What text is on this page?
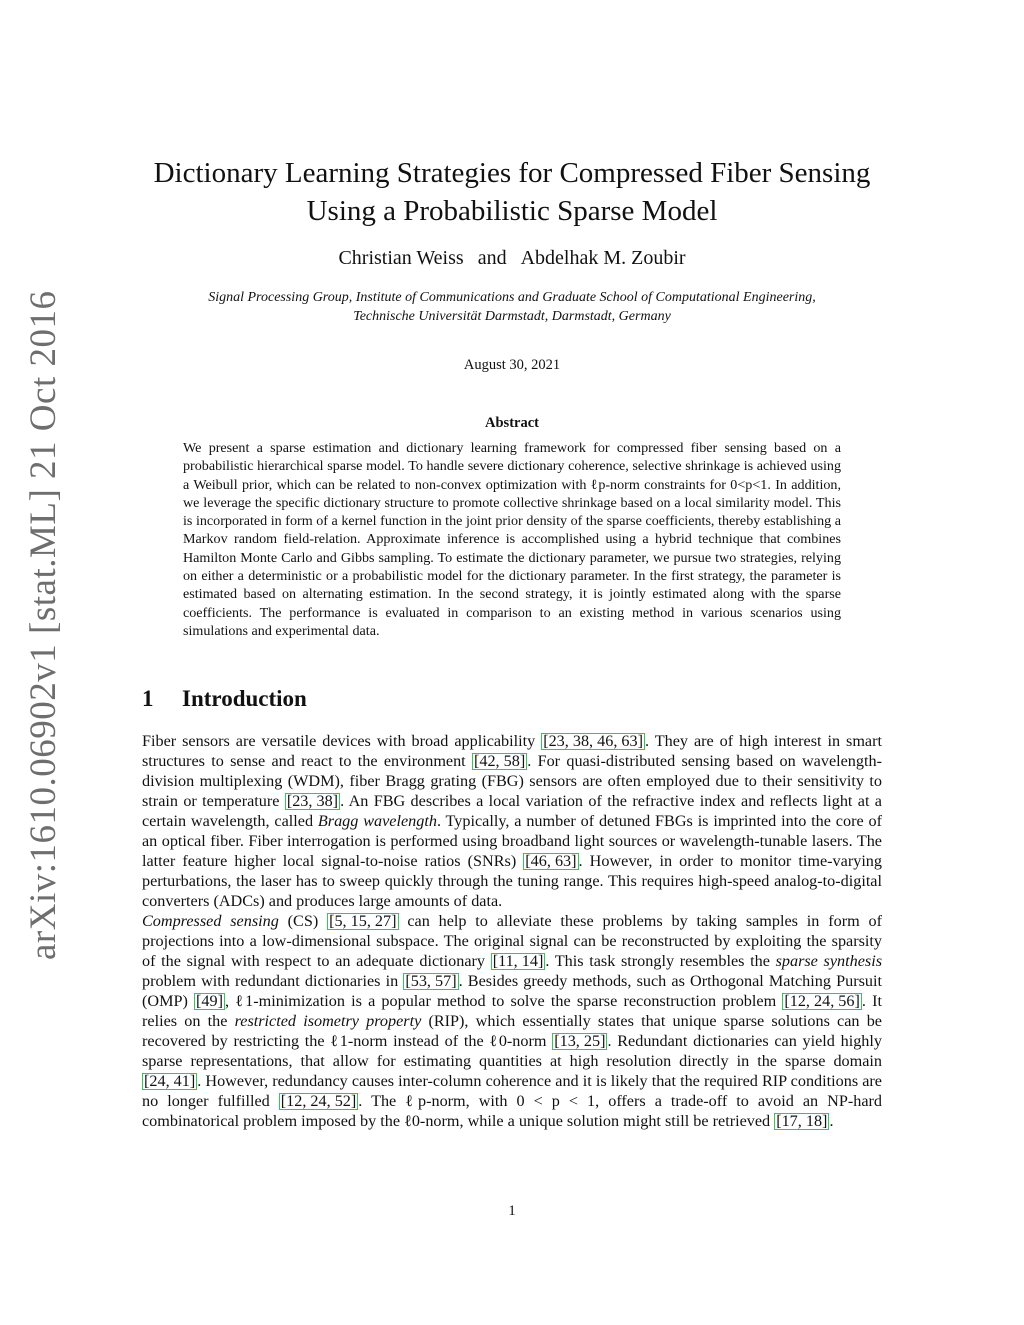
arXiv:1610.06902v1 [stat.ML] 21 Oct 2016
Dictionary Learning Strategies for Compressed Fiber Sensing
Using a Probabilistic Sparse Model
Christian Weiss and Abdelhak M. Zoubir
Signal Processing Group, Institute of Communications and Graduate School of Computational Engineering,
Technische Universität Darmstadt, Darmstadt, Germany
August 30, 2021
Abstract
We present a sparse estimation and dictionary learning framework for compressed fiber sensing based on a probabilistic hierarchical sparse model. To handle severe dictionary coherence, selective shrinkage is achieved using a Weibull prior, which can be related to non-convex optimization with ℓp-norm constraints for 0<p<1. In addition, we leverage the specific dictionary structure to promote collective shrinkage based on a local similarity model. This is incorporated in form of a kernel function in the joint prior density of the sparse coefficients, thereby establishing a Markov random field-relation. Approximate inference is accomplished using a hybrid technique that combines Hamilton Monte Carlo and Gibbs sampling. To estimate the dictionary parameter, we pursue two strategies, relying on either a deterministic or a probabilistic model for the dictionary parameter. In the first strategy, the parameter is estimated based on alternating estimation. In the second strategy, it is jointly estimated along with the sparse coefficients. The performance is evaluated in comparison to an existing method in various scenarios using simulations and experimental data.
1 Introduction

Fiber sensors are versatile devices with broad applicability [23, 38, 46, 63] . They are of high interest in smart structures to sense and react to the environment [42, 58] . For quasi-distributed sensing based on wavelength-division multiplexing (WDM), fiber Bragg grating (FBG) sensors are often employed due to their sensitivity to strain or temperature [23, 38] . An FBG describes a local variation of the refractive index and reflects light at a certain wavelength, called Bragg wavelength. Typically, a number of detuned FBGs is imprinted into the core of an optical fiber. Fiber interrogation is performed using broadband light sources or wavelength-tunable lasers. The latter feature higher local signal-to-noise ratios (SNRs) [46, 63] . However, in order to monitor time-varying perturbations, the laser has to sweep quickly through the tuning range. This requires high-speed analog-to-digital converters (ADCs) and produces large amounts of data.

Compressed sensing (CS) [5, 15, 27] can help to alleviate these problems by taking samples in form of projections into a low-dimensional subspace. The original signal can be reconstructed by exploiting the sparsity of the signal with respect to an adequate dictionary [11, 14] . This task strongly resembles the sparse synthesis problem with redundant dictionaries in [53, 57] . Besides greedy methods, such as Orthogonal Matching Pursuit (OMP) [49] , ℓ1-minimization is a popular method to solve the sparse reconstruction problem [12, 24, 56] . It relies on the restricted isometry property (RIP), which essentially states that unique sparse solutions can be recovered by restricting the ℓ1-norm instead of the ℓ0-norm [13, 25] . Redundant dictionaries can yield highly sparse representations, that allow for estimating quantities at high resolution directly in the sparse domain [24, 41] . However, redundancy causes inter-column coherence and it is likely that the required RIP conditions are no longer fulfilled [12, 24, 52] . The ℓp-norm, with 0 < p < 1, offers a trade-off to avoid an NP-hard combinatorical problem imposed by the ℓ0-norm, while a unique solution might still be retrieved [17, 18] .

1
